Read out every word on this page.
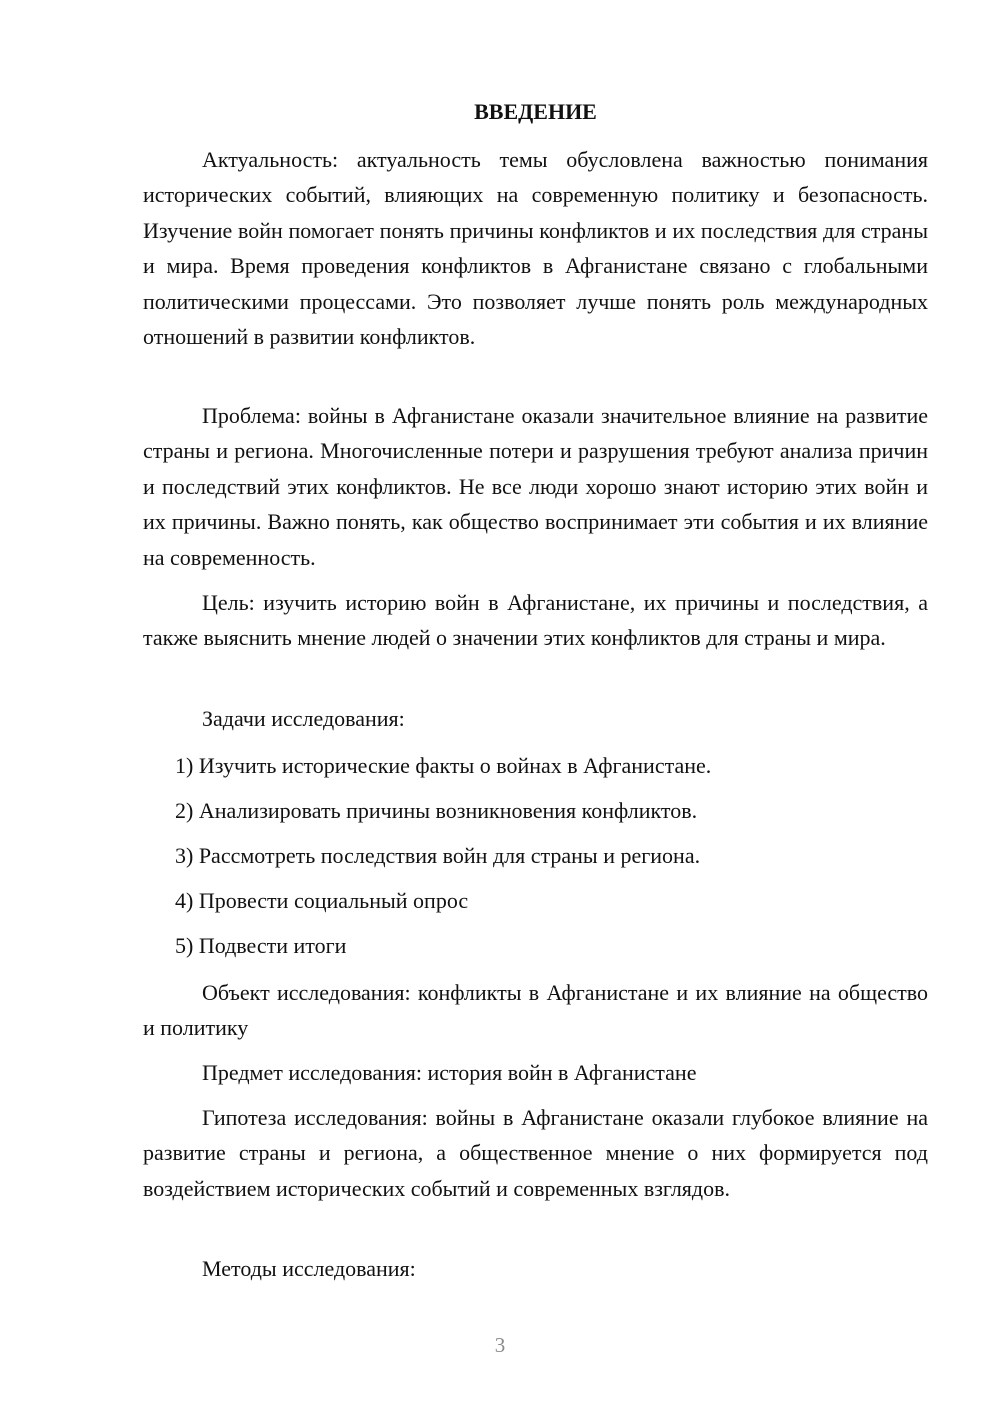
ВВЕДЕНИЕ

Актуальность: актуальность темы обусловлена важностью понимания исторических событий, влияющих на современную политику и безопасность. Изучение войн помогает понять причины конфликтов и их последствия для страны и мира. Время проведения конфликтов в Афганистане связано с глобальными политическими процессами. Это позволяет лучше понять роль международных отношений в развитии конфликтов.

Проблема: войны в Афганистане оказали значительное влияние на развитие страны и региона. Многочисленные потери и разрушения требуют анализа причин и последствий этих конфликтов. Не все люди хорошо знают историю этих войн и их причины. Важно понять, как общество воспринимает эти события и их влияние на современность.

Цель: изучить историю войн в Афганистане, их причины и последствия, а также выяснить мнение людей о значении этих конфликтов для страны и мира.

Задачи исследования:

1) Изучить исторические факты о войнах в Афганистане.

2) Анализировать причины возникновения конфликтов.

3) Рассмотреть последствия войн для страны и региона.

4) Провести социальный опрос

5) Подвести итоги

Объект исследования: конфликты в Афганистане и их влияние на общество и политику

Предмет исследования: история войн в Афганистане

Гипотеза исследования: войны в Афганистане оказали глубокое влияние на развитие страны и региона, а общественное мнение о них формируется под воздействием исторических событий и современных взглядов.

Методы исследования:

3
